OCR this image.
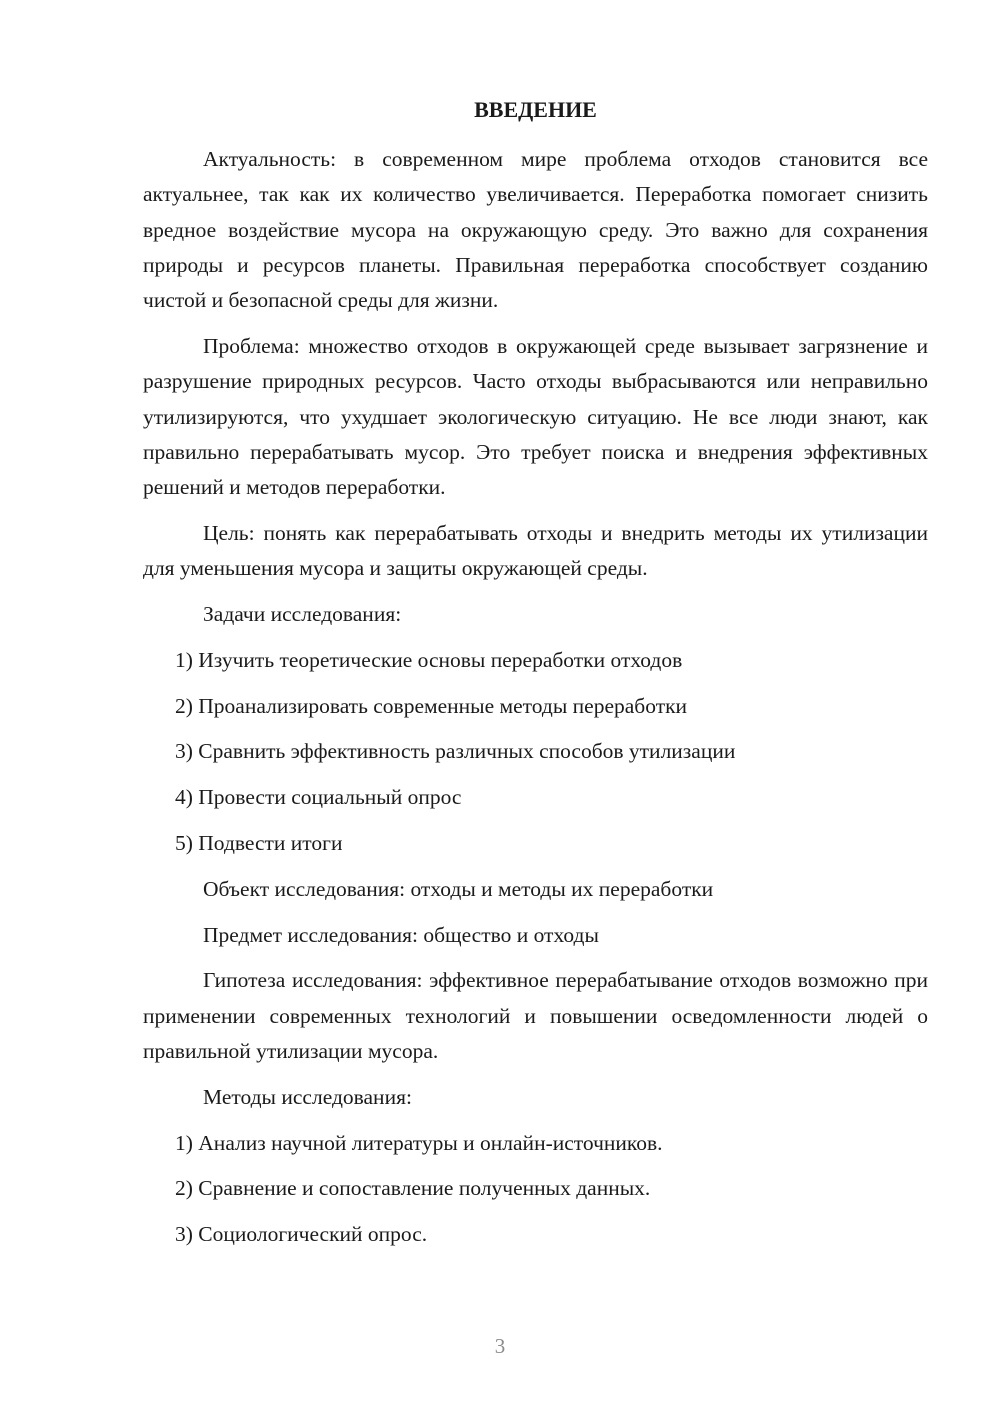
ВВЕДЕНИЕ

Актуальность: в современном мире проблема отходов становится все актуальнее, так как их количество увеличивается. Переработка помогает снизить вредное воздействие мусора на окружающую среду. Это важно для сохранения природы и ресурсов планеты. Правильная переработка способствует созданию чистой и безопасной среды для жизни.

Проблема: множество отходов в окружающей среде вызывает загрязнение и разрушение природных ресурсов. Часто отходы выбрасываются или неправильно утилизируются, что ухудшает экологическую ситуацию. Не все люди знают, как правильно перерабатывать мусор. Это требует поиска и внедрения эффективных решений и методов переработки.

Цель: понять как перерабатывать отходы и внедрить методы их утилизации для уменьшения мусора и защиты окружающей среды.

Задачи исследования:

1) Изучить теоретические основы переработки отходов

2) Проанализировать современные методы переработки

3) Сравнить эффективность различных способов утилизации

4) Провести социальный опрос

5) Подвести итоги

Объект исследования: отходы и методы их переработки

Предмет исследования: общество и отходы

Гипотеза исследования: эффективное перерабатывание отходов возможно при применении современных технологий и повышении осведомленности людей о правильной утилизации мусора.

Методы исследования:

1) Анализ научной литературы и онлайн-источников.

2) Сравнение и сопоставление полученных данных.

3) Социологический опрос.

3
